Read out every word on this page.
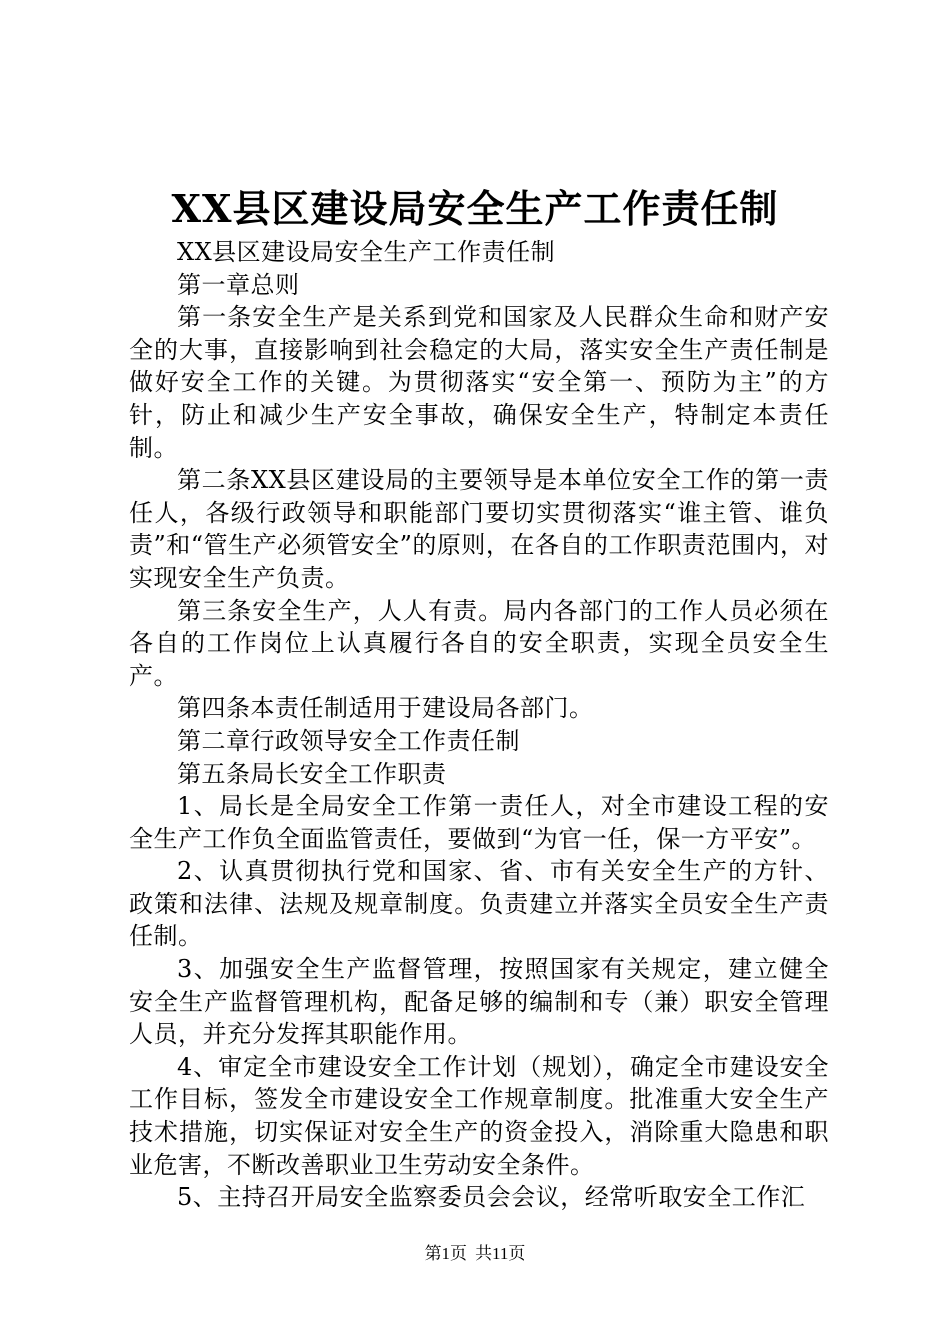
XX县区建设局安全生产工作责任制

XX县区建设局安全生产工作责任制

第一章总则

第一条安全生产是关系到党和国家及人民群众生命和财产安全的大事，直接影响到社会稳定的大局，落实安全生产责任制是做好安全工作的关键。为贯彻落实“安全第一、预防为主”的方针，防止和减少生产安全事故，确保安全生产，特制定本责任制。

第二条XX县区建设局的主要领导是本单位安全工作的第一责任人，各级行政领导和职能部门要切实贯彻落实“谁主管、谁负责”和“管生产必须管安全”的原则，在各自的工作职责范围内，对实现安全生产负责。

第三条安全生产，人人有责。局内各部门的工作人员必须在各自的工作岗位上认真履行各自的安全职责，实现全员安全生产。

第四条本责任制适用于建设局各部门。

第二章行政领导安全工作责任制

第五条局长安全工作职责

1、局长是全局安全工作第一责任人，对全市建设工程的安全生产工作负全面监管责任，要做到“为官一任，保一方平安”。

2、认真贯彻执行党和国家、省、市有关安全生产的方针、政策和法律、法规及规章制度。负责建立并落实全员安全生产责任制。

3、加强安全生产监督管理，按照国家有关规定，建立健全安全生产监督管理机构，配备足够的编制和专（兼）职安全管理人员，并充分发挥其职能作用。

4、审定全市建设安全工作计划（规划），确定全市建设安全工作目标，签发全市建设安全工作规章制度。批准重大安全生产技术措施，切实保证对安全生产的资金投入，消除重大隐患和职业危害，不断改善职业卫生劳动安全条件。

5、主持召开局安全监察委员会会议，经常听取安全工作汇

第1页 共11页
